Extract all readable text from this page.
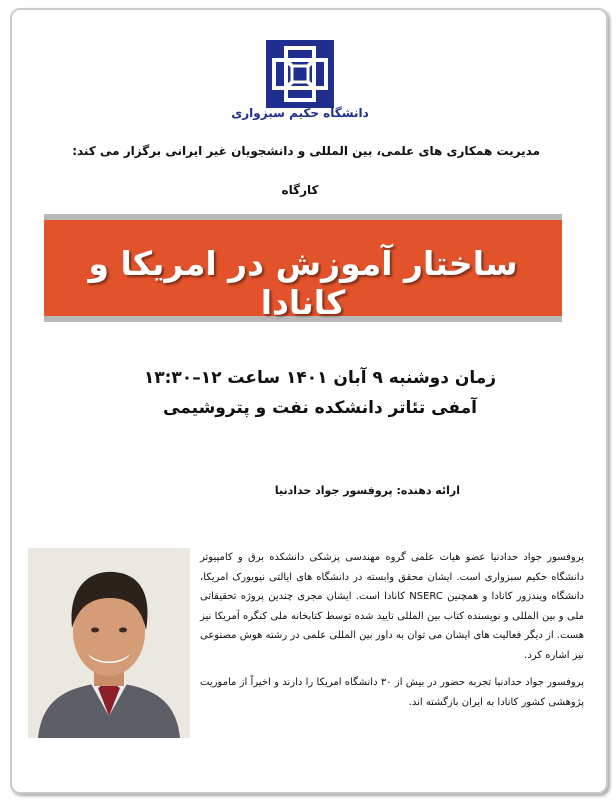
دانشگاه حکیم سبزواری
مدیریت همکاری های علمی، بین المللی و دانشجویان غیر ایرانی برگزار می کند:
کارگاه
ساختار آموزش در امریکا و کانادا
زمان دوشنبه ۹ آبان ۱۴۰۱ ساعت ۱۲–۱۳:۳۰
آمفی تئاتر دانشکده نفت و پتروشیمی
ارائه دهنده: پروفسور جواد حدادنیا

پروفسور جواد حدادنیا عضو هیات علمی گروه مهندسی پزشکی دانشکده برق و کامپیوتر دانشگاه حکیم سبزواری است. ایشان محقق وابسته در دانشگاه های ایالتی نیویورک امریکا، دانشگاه ویندزور کانادا و همچنین NSERC کانادا است. ایشان مجری چندین پروژه تحقیقاتی ملی و بین المللی و نویسنده کتاب بین المللی تایید شده توسط کتابخانه ملی کنگره آمریکا نیز هست. از دیگر فعالیت های ایشان می توان به داور بین المللی علمی در رشته هوش مصنوعی نیز اشاره کرد.

پروفسور جواد حدادنیا تجربه حضور در بیش از ۳۰ دانشگاه امریکا را دارند و اخیراً از ماموریت پژوهشی کشور کانادا به ایران بازگشته اند.
